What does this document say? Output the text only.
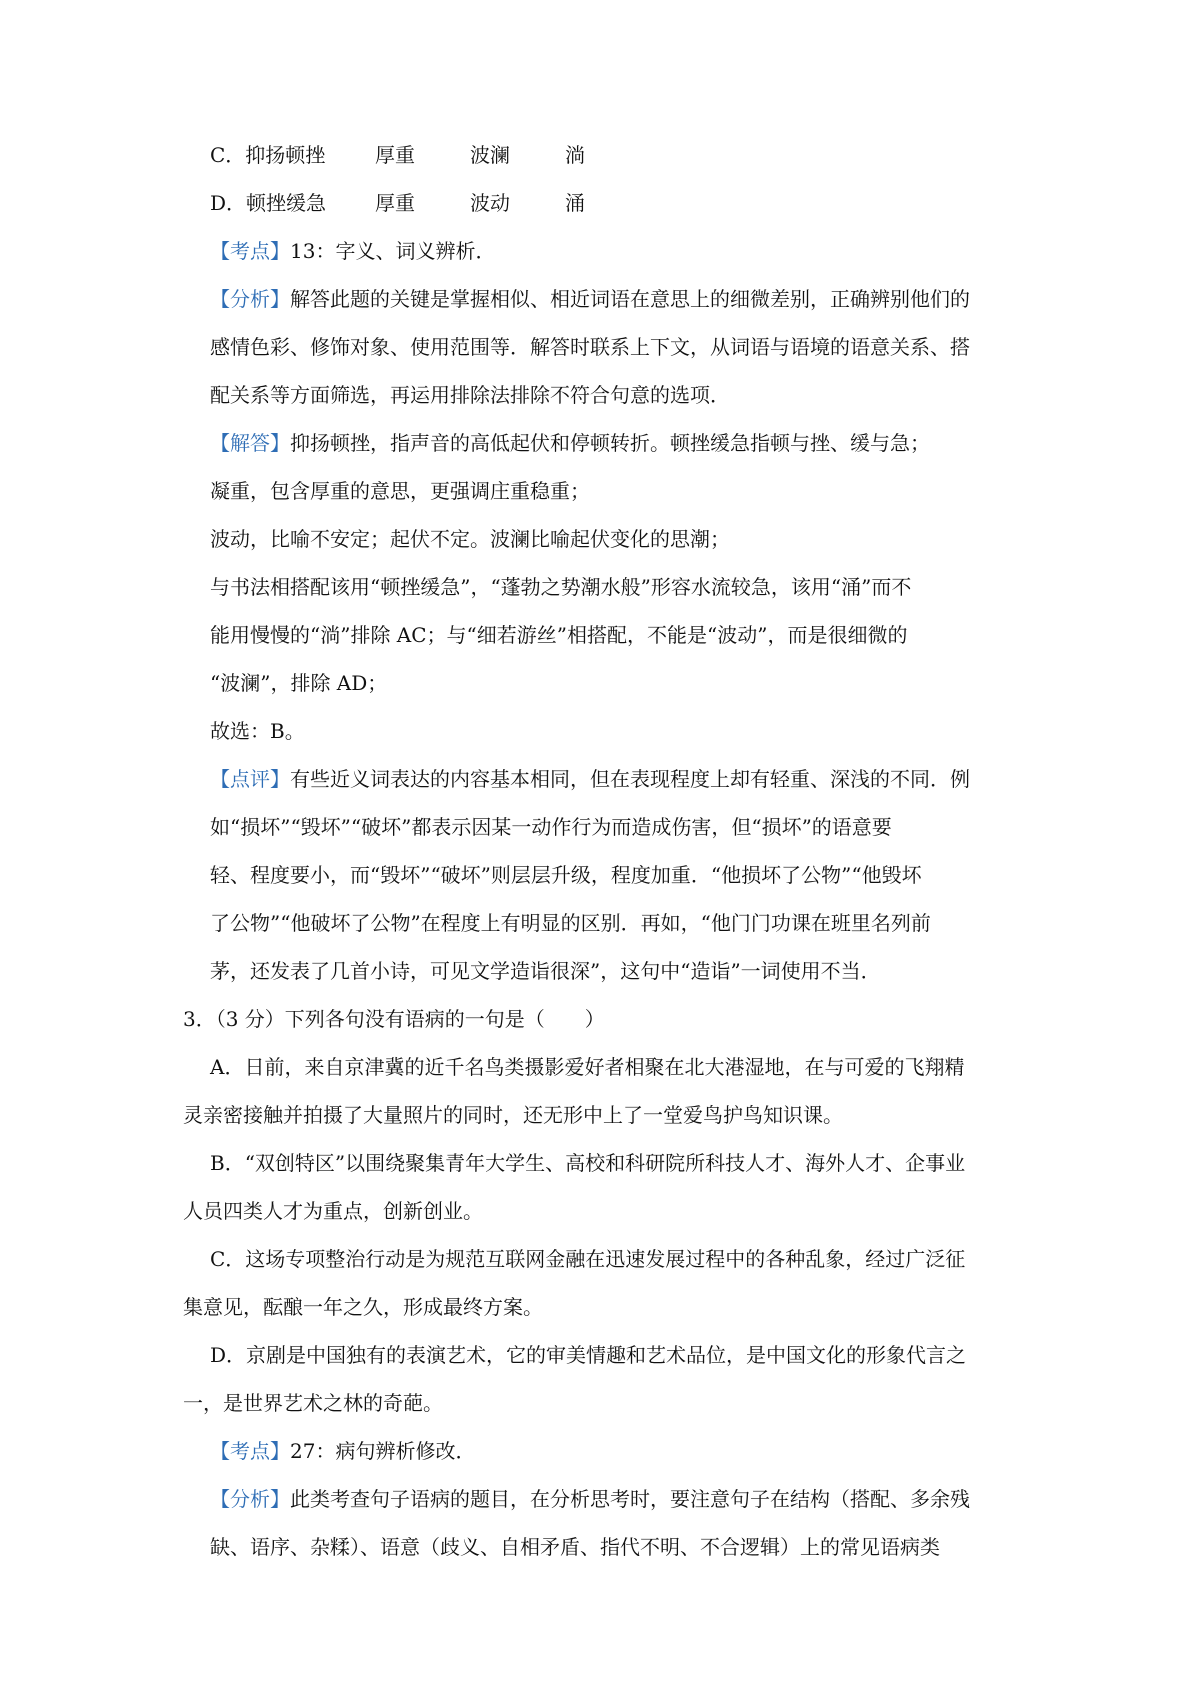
C．抑扬顿挫 厚重	波澜	淌
D．顿挫缓急 厚重	波动	涌
【考点】13：字义、词义辨析．
【分析】解答此题的关键是掌握相似、相近词语在意思上的细微差别，正确辨别他们的
感情色彩、修饰对象、使用范围等．解答时联系上下文，从词语与语境的语意关系、搭
配关系等方面筛选，再运用排除法排除不符合句意的选项．
【解答】抑扬顿挫，指声音的高低起伏和停顿转折。顿挫缓急指顿与挫、缓与急；
凝重，包含厚重的意思，更强调庄重稳重；
波动，比喻不安定；起伏不定。波澜比喻起伏变化的思潮；
与书法相搭配该用“顿挫缓急”，“蓬勃之势潮水般”形容水流较急，该用“涌”而不
能用慢慢的“淌”排除 AC；与“细若游丝”相搭配，不能是“波动”，而是很细微的
“波澜”，排除 AD；
故选：B。
【点评】有些近义词表达的内容基本相同，但在表现程度上却有轻重、深浅的不同．例
如“损坏”“毁坏”“破坏”都表示因某一动作行为而造成伤害，但“损坏”的语意要
轻、程度要小，而“毁坏”“破坏”则层层升级，程度加重．“他损坏了公物”“他毁坏
了公物”“他破坏了公物”在程度上有明显的区别．再如，“他门门功课在班里名列前
茅，还发表了几首小诗，可见文学造诣很深”，这句中“造诣”一词使用不当．
3．（3 分）下列各句没有语病的一句是（　　）
A．日前，来自京津冀的近千名鸟类摄影爱好者相聚在北大港湿地，在与可爱的飞翔精
灵亲密接触并拍摄了大量照片的同时，还无形中上了一堂爱鸟护鸟知识课。
B．“双创特区”以围绕聚集青年大学生、高校和科研院所科技人才、海外人才、企事业
人员四类人才为重点，创新创业。
C．这场专项整治行动是为规范互联网金融在迅速发展过程中的各种乱象，经过广泛征
集意见，酝酿一年之久，形成最终方案。
D．京剧是中国独有的表演艺术，它的审美情趣和艺术品位，是中国文化的形象代言之
一，是世界艺术之林的奇葩。
【考点】27：病句辨析修改．
【分析】此类考查句子语病的题目，在分析思考时，要注意句子在结构（搭配、多余残
缺、语序、杂糅）、语意（歧义、自相矛盾、指代不明、不合逻辑）上的常见语病类
